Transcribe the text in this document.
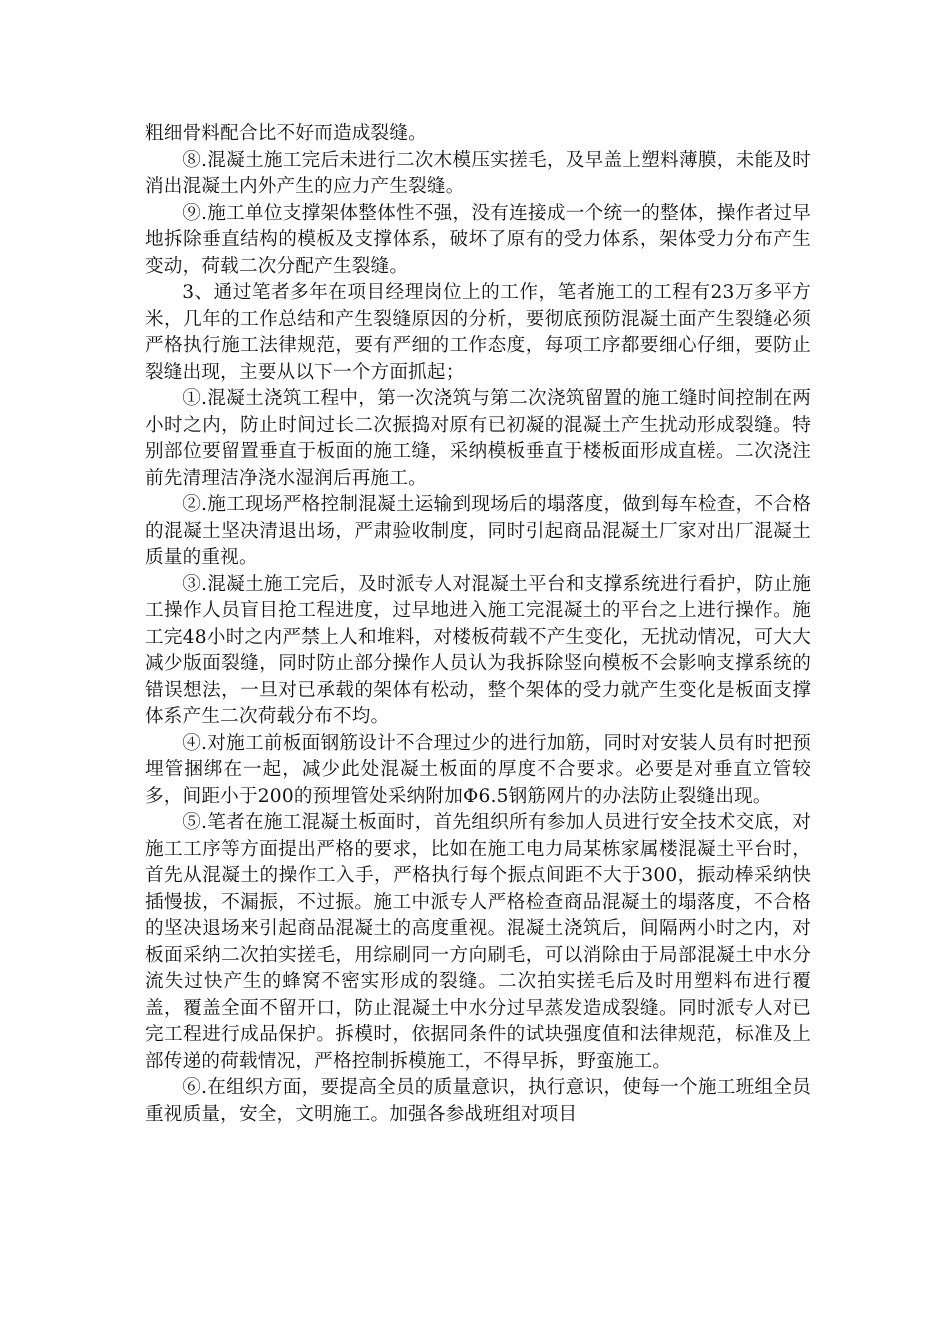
粗细骨料配合比不好而造成裂缝。

⑧.混凝土施工完后未进行二次木模压实搓毛，及早盖上塑料薄膜，未能及时消出混凝土内外产生的应力产生裂缝。

⑨.施工单位支撑架体整体性不强，没有连接成一个统一的整体，操作者过早地拆除垂直结构的模板及支撑体系，破坏了原有的受力体系，架体受力分布产生变动，荷载二次分配产生裂缝。

3、通过笔者多年在项目经理岗位上的工作，笔者施工的工程有23万多平方米，几年的工作总结和产生裂缝原因的分析，要彻底预防混凝土面产生裂缝必须严格执行施工法律规范，要有严细的工作态度，每项工序都要细心仔细，要防止裂缝出现，主要从以下一个方面抓起；

①.混凝土浇筑工程中，第一次浇筑与第二次浇筑留置的施工缝时间控制在两小时之内，防止时间过长二次振捣对原有已初凝的混凝土产生扰动形成裂缝。特别部位要留置垂直于板面的施工缝，采纳模板垂直于楼板面形成直槎。二次浇注前先清理洁净浇水湿润后再施工。

②.施工现场严格控制混凝土运输到现场后的塌落度，做到每车检查，不合格的混凝土坚决清退出场，严肃验收制度，同时引起商品混凝土厂家对出厂混凝土质量的重视。

③.混凝土施工完后，及时派专人对混凝土平台和支撑系统进行看护，防止施工操作人员盲目抢工程进度，过早地进入施工完混凝土的平台之上进行操作。施工完48小时之内严禁上人和堆料，对楼板荷载不产生变化，无扰动情况，可大大减少版面裂缝，同时防止部分操作人员认为我拆除竖向模板不会影响支撑系统的错误想法，一旦对已承载的架体有松动，整个架体的受力就产生变化是板面支撑体系产生二次荷载分布不均。

④.对施工前板面钢筋设计不合理过少的进行加筋，同时对安装人员有时把预埋管捆绑在一起，减少此处混凝土板面的厚度不合要求。必要是对垂直立管较多，间距小于200的预埋管处采纳附加Φ6.5钢筋网片的办法防止裂缝出现。

⑤.笔者在施工混凝土板面时，首先组织所有参加人员进行安全技术交底，对施工工序等方面提出严格的要求，比如在施工电力局某栋家属楼混凝土平台时，首先从混凝土的操作工入手，严格执行每个振点间距不大于300，振动棒采纳快插慢拔，不漏振，不过振。施工中派专人严格检查商品混凝土的塌落度，不合格的坚决退场来引起商品混凝土的高度重视。混凝土浇筑后，间隔两小时之内，对板面采纳二次拍实搓毛，用综刷同一方向刷毛，可以消除由于局部混凝土中水分流失过快产生的蜂窝不密实形成的裂缝。二次拍实搓毛后及时用塑料布进行覆盖，覆盖全面不留开口，防止混凝土中水分过早蒸发造成裂缝。同时派专人对已完工程进行成品保护。拆模时，依据同条件的试块强度值和法律规范，标准及上部传递的荷载情况，严格控制拆模施工，不得早拆，野蛮施工。

⑥.在组织方面，要提高全员的质量意识，执行意识，使每一个施工班组全员重视质量，安全，文明施工。加强各参战班组对项目
